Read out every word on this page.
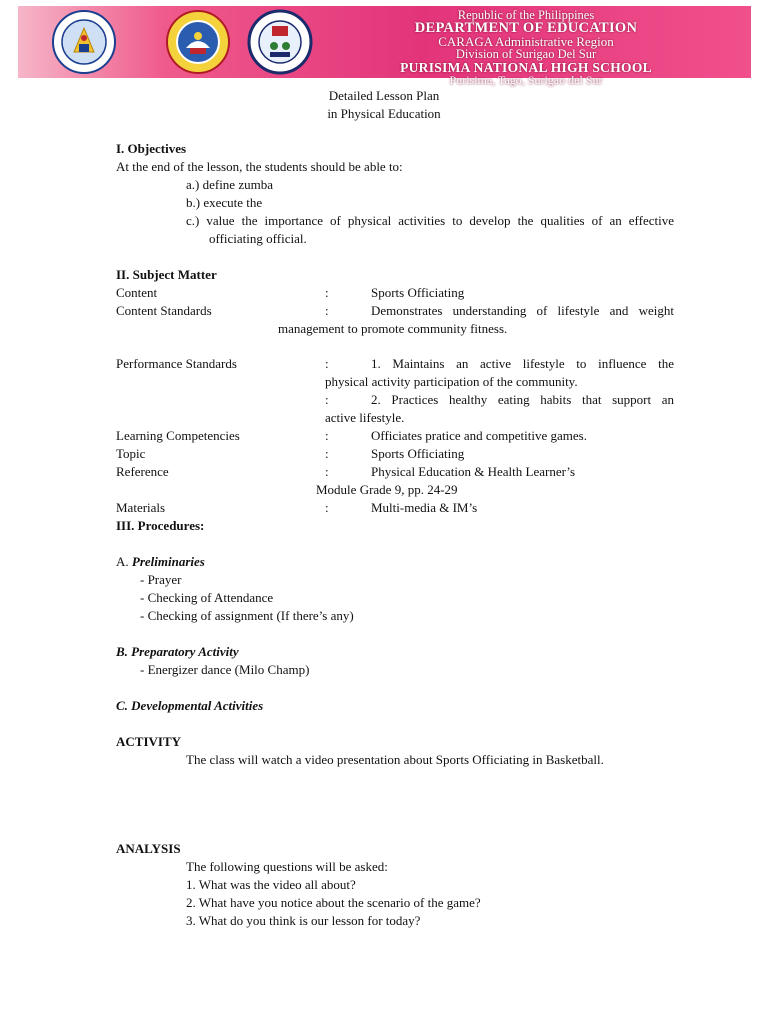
Republic of the Philippines
DEPARTMENT OF EDUCATION
CARAGA Administrative Region
Division of Surigao Del Sur
PURISIMA NATIONAL HIGH SCHOOL
Purisima, Tago, Surigao del Sur
Detailed Lesson Plan
in Physical Education
I. Objectives
At the end of the lesson, the students should be able to:
a.) define zumba
b.) execute the
c.) value the importance of physical activities to develop the qualities of an effective
officiating official.
II. Subject Matter
Content	:	Sports Officiating
Content Standards	:	Demonstrates understanding of lifestyle and weight
management to promote community fitness.
Performance Standards	:	1. Maintains an active lifestyle to influence the
physical activity participation of the community.
:	2. Practices healthy eating habits that support an
active lifestyle.
Learning Competencies	:	Officiates pratice and competitive games.
Topic	:	Sports Officiating
Reference	:	Physical Education & Health Learner’s
Module Grade 9, pp. 24-29
Materials	:	Multi-media & IM’s
III. Procedures:
A. Preliminaries
- Prayer
- Checking of Attendance
- Checking of assignment (If there’s any)
B. Preparatory Activity
- Energizer dance (Milo Champ)
C. Developmental Activities
ACTIVITY
The class will watch a video presentation about Sports Officiating in Basketball.
ANALYSIS
The following questions will be asked:
1. What was the video all about?
2. What have you notice about the scenario of the game?
3. What do you think is our lesson for today?
